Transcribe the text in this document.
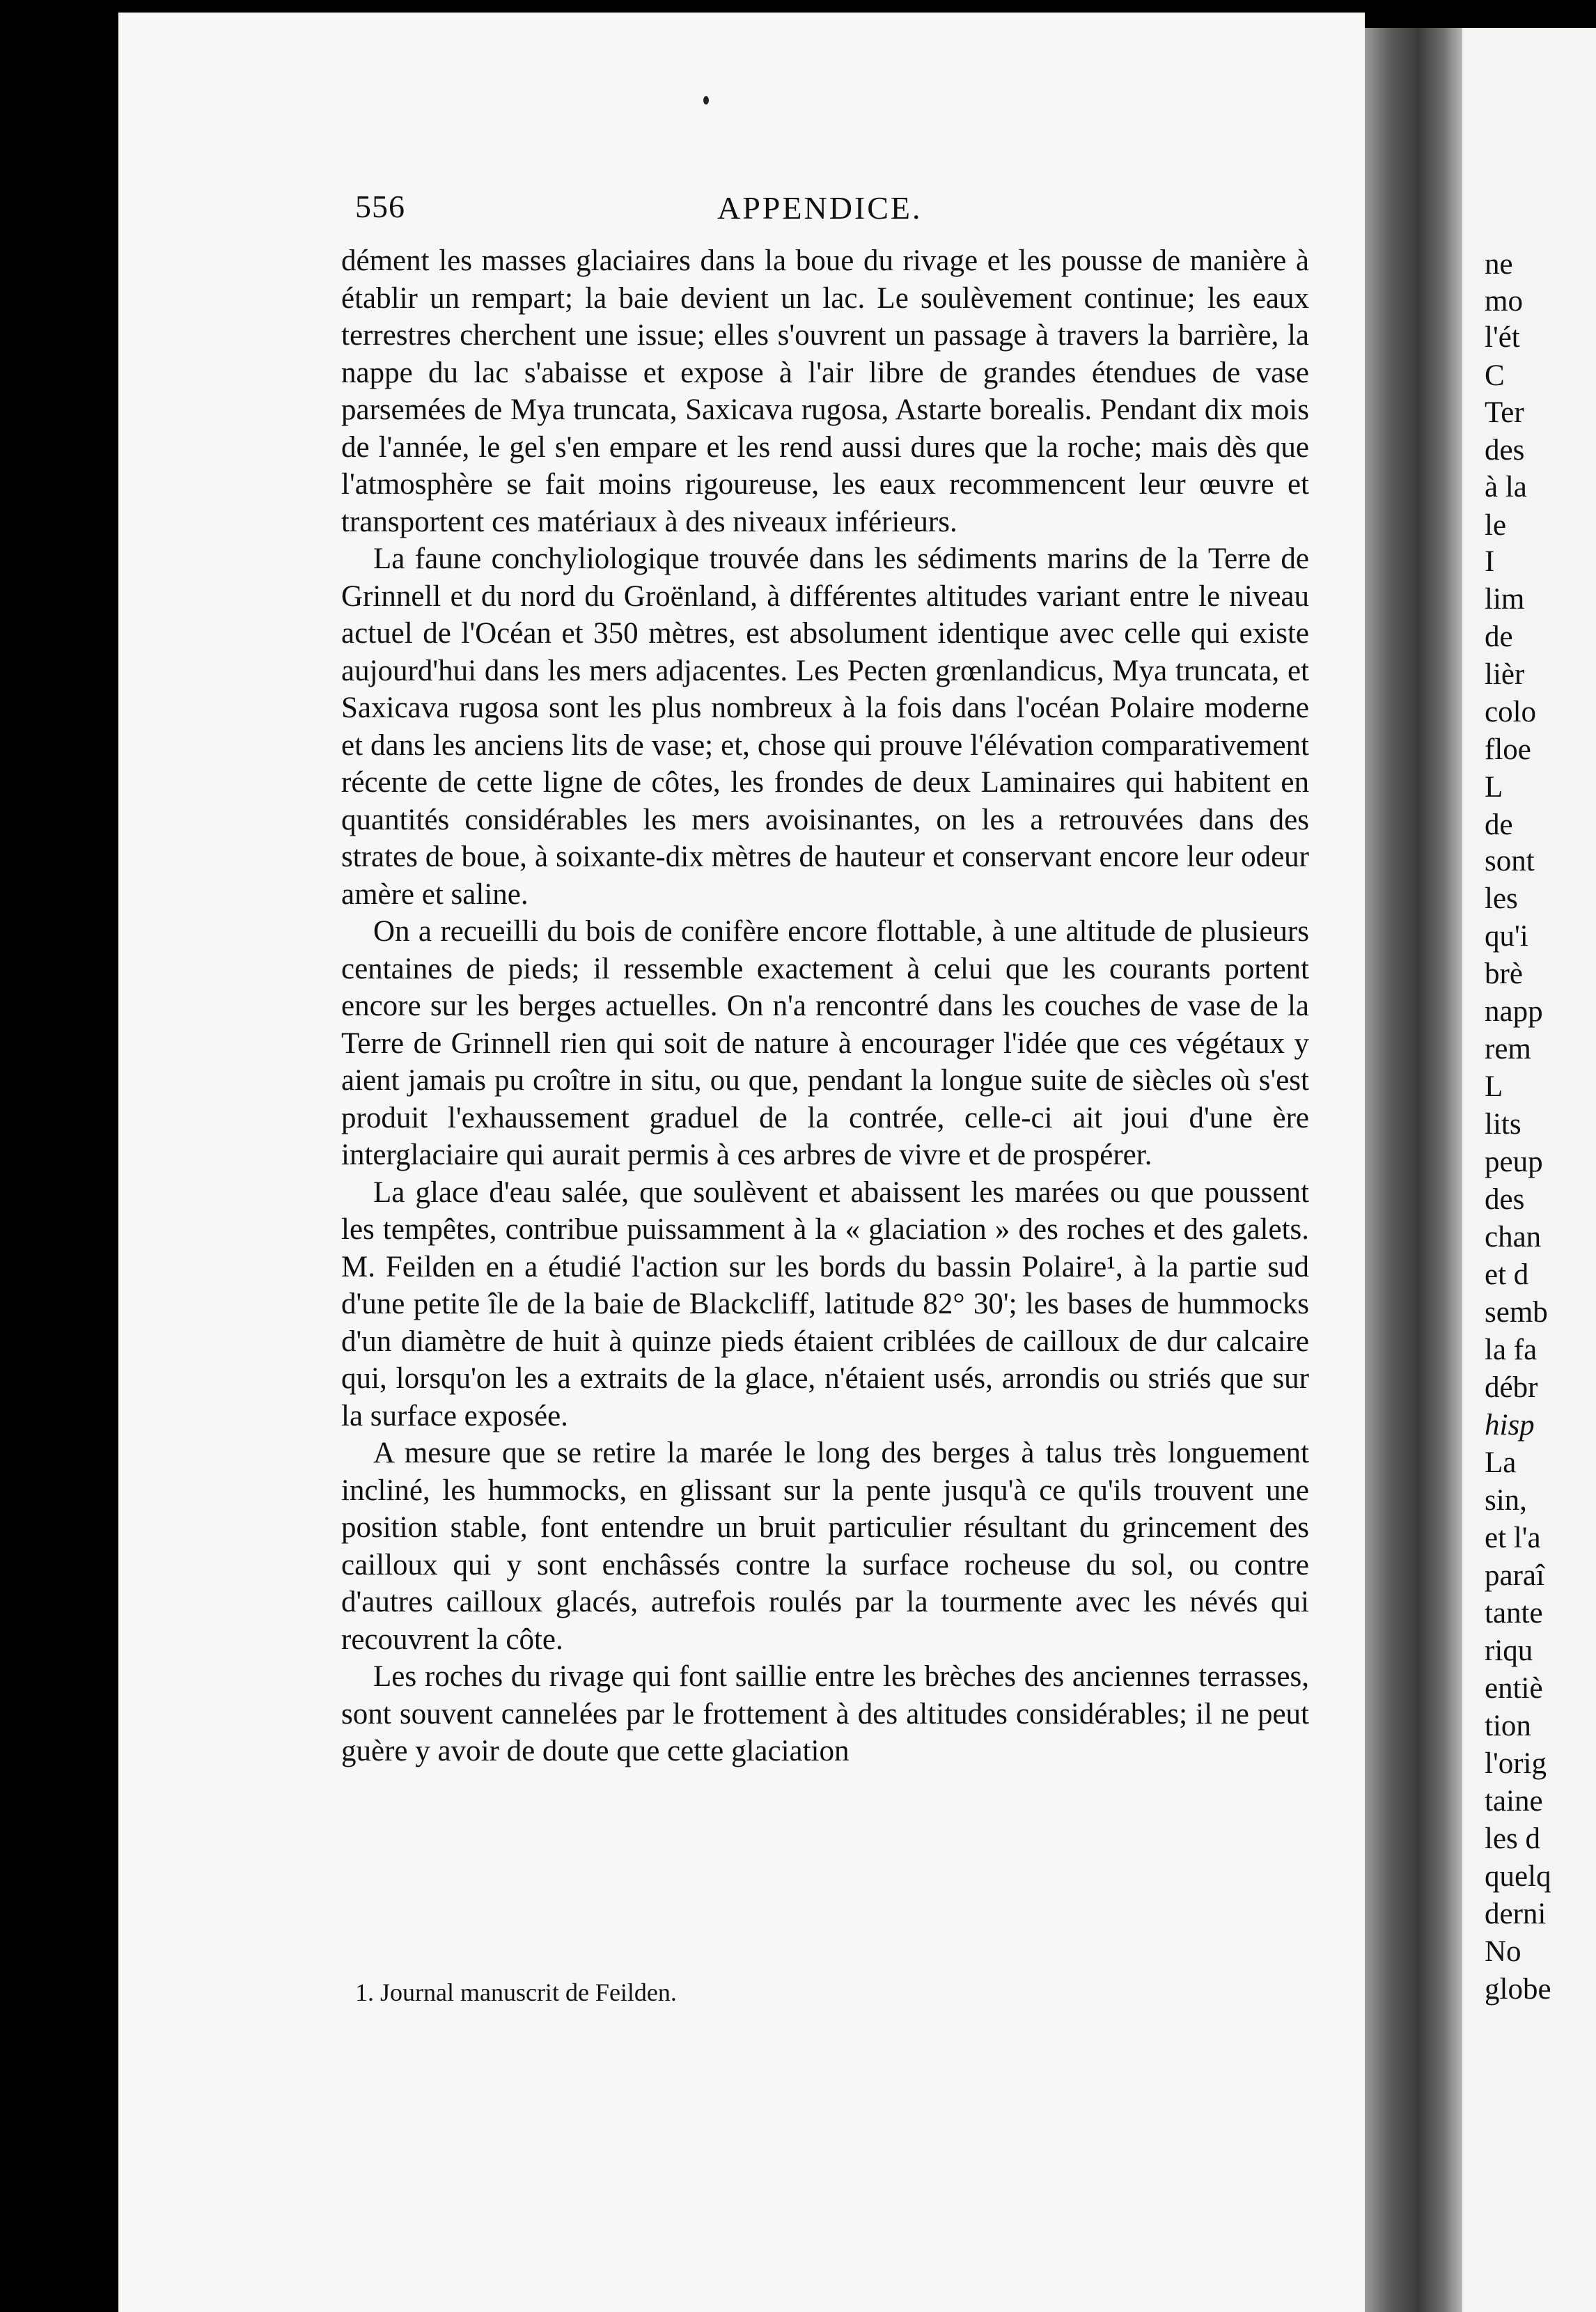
556	APPENDICE.

dément les masses glaciaires dans la boue du rivage et les pousse de manière à établir un rempart; la baie devient un lac. Le soulèvement continue; les eaux terrestres cherchent une issue; elles s'ouvrent un passage à travers la barrière, la nappe du lac s'abaisse et expose à l'air libre de grandes étendues de vase parsemées de Mya truncata, Saxicava rugosa, Astarte borealis. Pendant dix mois de l'année, le gel s'en empare et les rend aussi dures que la roche; mais dès que l'atmosphère se fait moins rigoureuse, les eaux recommencent leur œuvre et transportent ces matériaux à des niveaux inférieurs.

La faune conchyliologique trouvée dans les sédiments marins de la Terre de Grinnell et du nord du Groënland, à différentes altitudes variant entre le niveau actuel de l'Océan et 350 mètres, est absolument identique avec celle qui existe aujourd'hui dans les mers adjacentes. Les Pecten grœnlandicus, Mya truncata, et Saxicava rugosa sont les plus nombreux à la fois dans l'océan Polaire moderne et dans les anciens lits de vase; et, chose qui prouve l'élévation comparativement récente de cette ligne de côtes, les frondes de deux Laminaires qui habitent en quantités considérables les mers avoisinantes, on les a retrouvées dans des strates de boue, à soixante-dix mètres de hauteur et conservant encore leur odeur amère et saline.

On a recueilli du bois de conifère encore flottable, à une altitude de plusieurs centaines de pieds; il ressemble exactement à celui que les courants portent encore sur les berges actuelles. On n'a rencontré dans les couches de vase de la Terre de Grinnell rien qui soit de nature à encourager l'idée que ces végétaux y aient jamais pu croître in situ, ou que, pendant la longue suite de siècles où s'est produit l'exhaussement graduel de la contrée, celle-ci ait joui d'une ère interglaciaire qui aurait permis à ces arbres de vivre et de prospérer.

La glace d'eau salée, que soulèvent et abaissent les marées ou que poussent les tempêtes, contribue puissamment à la « glaciation » des roches et des galets. M. Feilden en a étudié l'action sur les bords du bassin Polaire¹, à la partie sud d'une petite île de la baie de Blackcliff, latitude 82° 30'; les bases de hummocks d'un diamètre de huit à quinze pieds étaient criblées de cailloux de dur calcaire qui, lorsqu'on les a extraits de la glace, n'étaient usés, arrondis ou striés que sur la surface exposée.

A mesure que se retire la marée le long des berges à talus très longuement incliné, les hummocks, en glissant sur la pente jusqu'à ce qu'ils trouvent une position stable, font entendre un bruit particulier résultant du grincement des cailloux qui y sont enchâssés contre la surface rocheuse du sol, ou contre d'autres cailloux glacés, autrefois roulés par la tourmente avec les névés qui recouvrent la côte.

Les roches du rivage qui font saillie entre les brèches des anciennes terrasses, sont souvent cannelées par le frottement à des altitudes considérables; il ne peut guère y avoir de doute que cette glaciation

1. Journal manuscrit de Feilden.
ne
mo
l'ét
C
Ter
des
à la
le
I
lim
de
lièr
colo
floe
L
de
sont
les
qu'i
brè
napp
rem
L
lits
peup
des
chan
et d
semb
la fa
débr
hisp
La
sin,
et l'a
paraî
tante
riqu
entiè
tion
l'orig
taine
les d
quelq
derni
No
globe
